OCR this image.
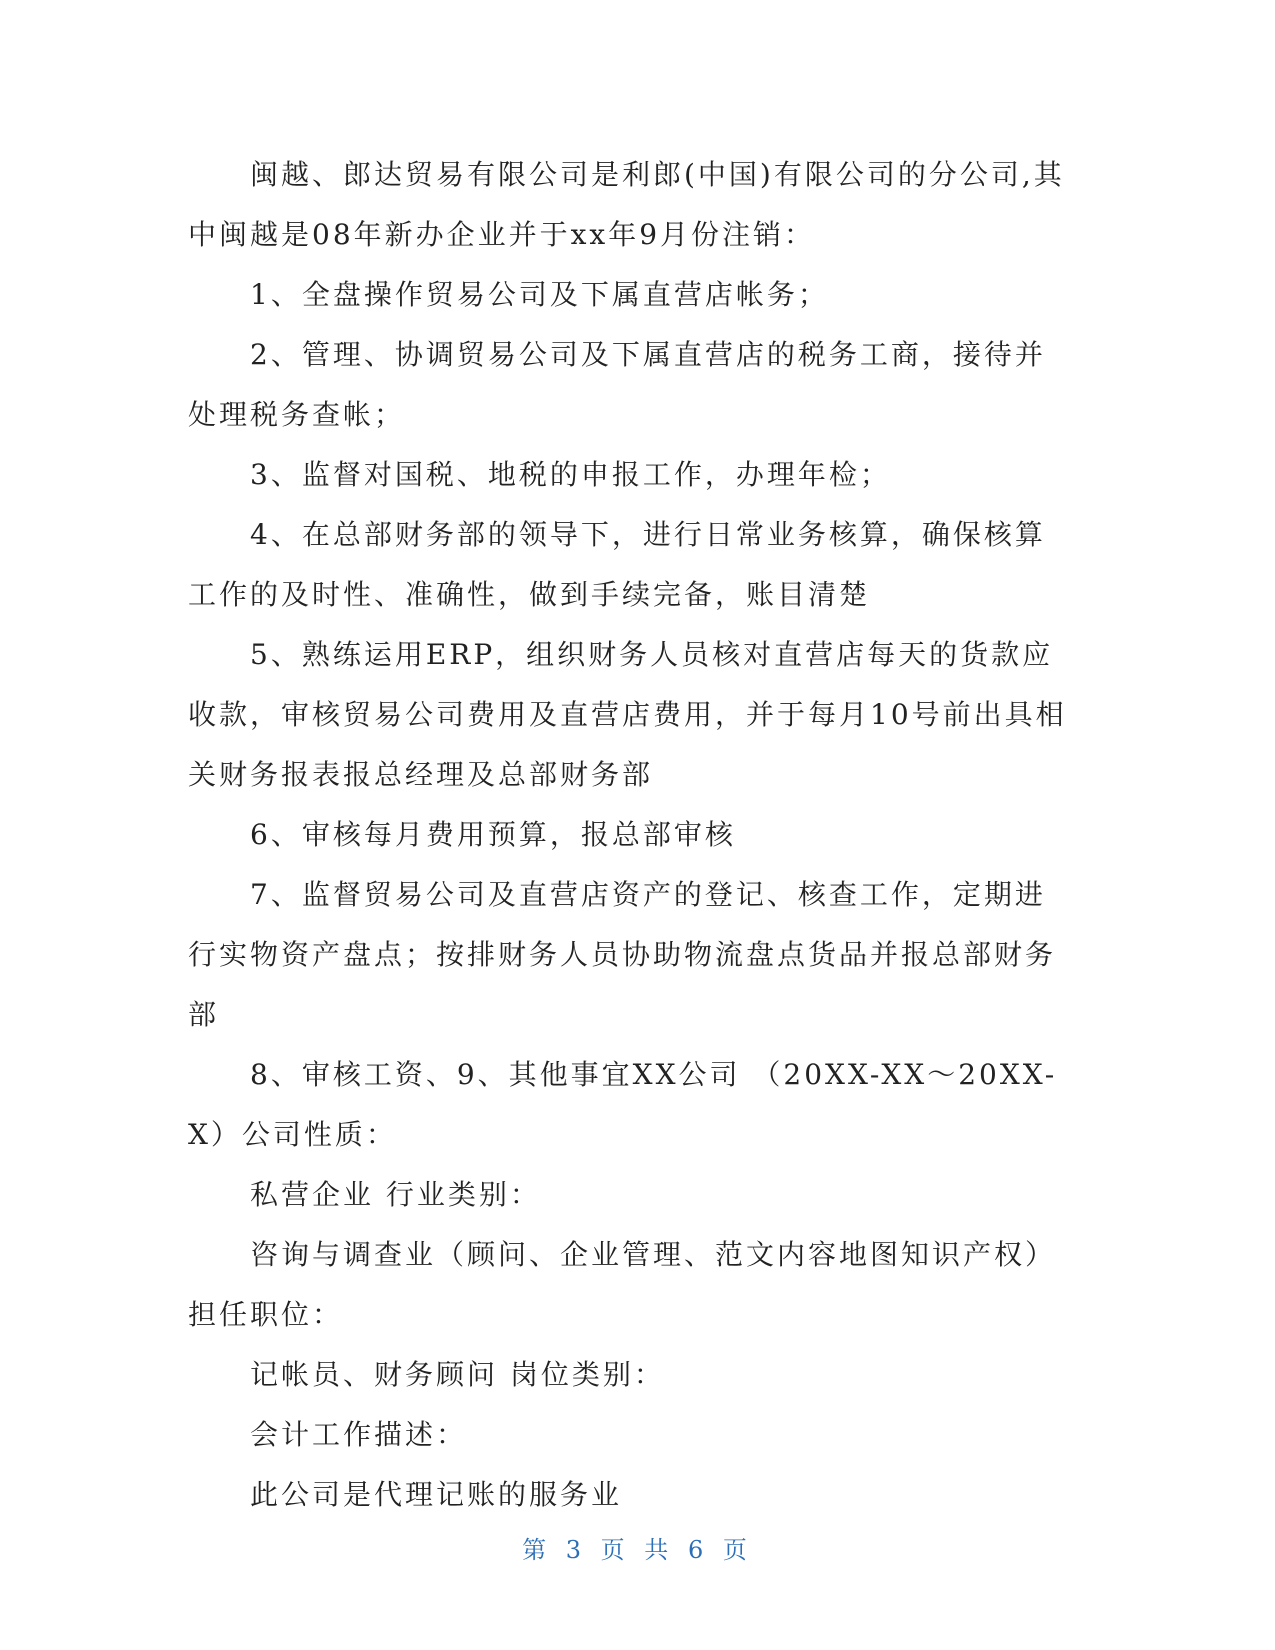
闽越、郎达贸易有限公司是利郎(中国)有限公司的分公司,其中闽越是08年新办企业并于xx年9月份注销：

1、全盘操作贸易公司及下属直营店帐务；

2、管理、协调贸易公司及下属直营店的税务工商，接待并处理税务查帐；

3、监督对国税、地税的申报工作，办理年检；

4、在总部财务部的领导下，进行日常业务核算，确保核算工作的及时性、准确性，做到手续完备，账目清楚

5、熟练运用ERP，组织财务人员核对直营店每天的货款应收款，审核贸易公司费用及直营店费用，并于每月10号前出具相关财务报表报总经理及总部财务部

6、审核每月费用预算，报总部审核

7、监督贸易公司及直营店资产的登记、核查工作，定期进行实物资产盘点；按排财务人员协助物流盘点货品并报总部财务部

8、审核工资、9、其他事宜XX公司 （20XX-XX～20XX-X）公司性质：

私营企业 行业类别：

咨询与调查业（顾问、企业管理、范文内容地图知识产权）担任职位：

记帐员、财务顾问 岗位类别：

会计工作描述：

此公司是代理记账的服务业

第 3 页 共 6 页
